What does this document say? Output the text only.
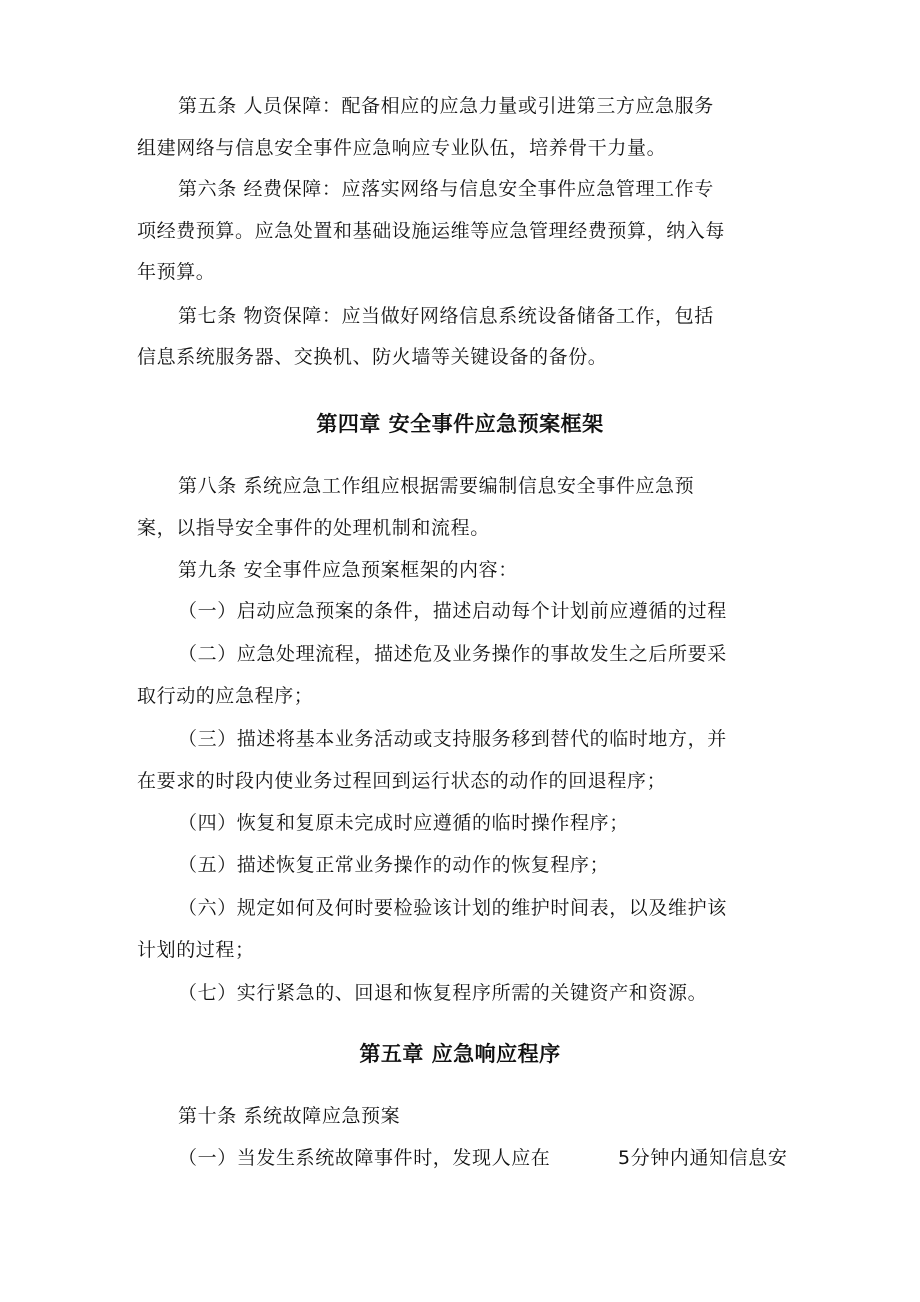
第五条 人员保障：配备相应的应急力量或引进第三方应急服务
组建网络与信息安全事件应急响应专业队伍，培养骨干力量。
第六条 经费保障：应落实网络与信息安全事件应急管理工作专
项经费预算。应急处置和基础设施运维等应急管理经费预算，纳入每
年预算。
第七条 物资保障：应当做好网络信息系统设备储备工作，包括
信息系统服务器、交换机、防火墙等关键设备的备份。
第四章 安全事件应急预案框架
第八条 系统应急工作组应根据需要编制信息安全事件应急预
案，以指导安全事件的处理机制和流程。
第九条 安全事件应急预案框架的内容：
（一）启动应急预案的条件，描述启动每个计划前应遵循的过程
（二）应急处理流程，描述危及业务操作的事故发生之后所要采
取行动的应急程序；
（三）描述将基本业务活动或支持服务移到替代的临时地方，并
在要求的时段内使业务过程回到运行状态的动作的回退程序；
（四）恢复和复原未完成时应遵循的临时操作程序；
（五）描述恢复正常业务操作的动作的恢复程序；
（六）规定如何及何时要检验该计划的维护时间表，以及维护该
计划的过程；
（七）实行紧急的、回退和恢复程序所需的关键资产和资源。
第五章 应急响应程序
第十条 系统故障应急预案
（一）当发生系统故障事件时，发现人应在	5分钟内通知信息安
